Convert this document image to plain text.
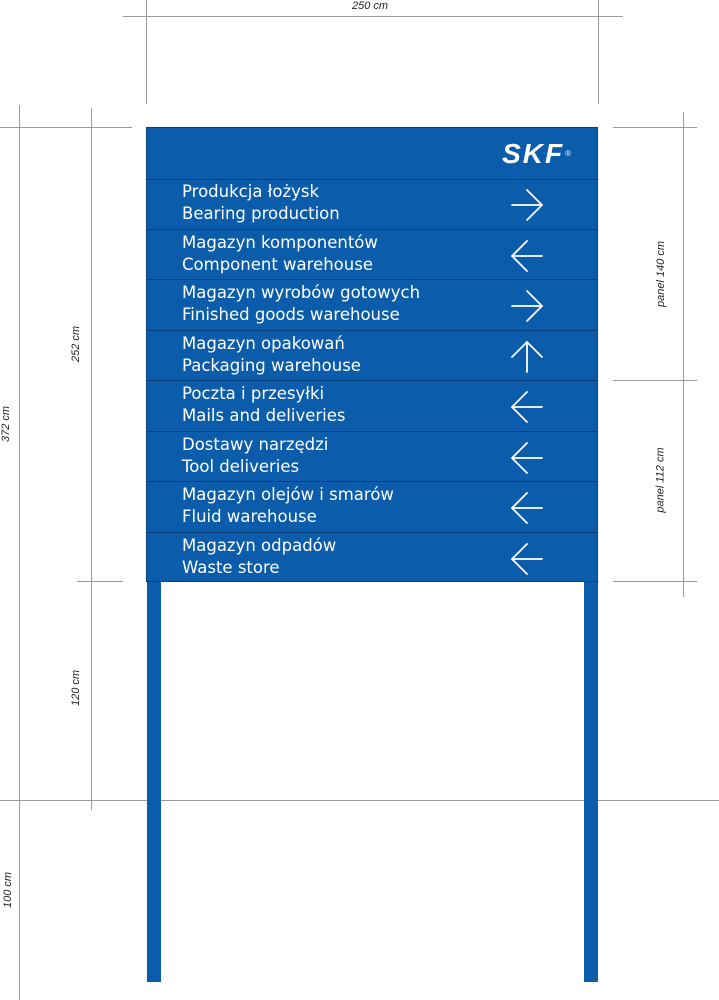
250 cm
372 cm
252 cm
120 cm
100 cm
panel 140 cm
panel 112 cm
SKF®
Produkcja łożysk
Bearing production
Magazyn komponentów
Component warehouse
Magazyn wyrobów gotowych
Finished goods warehouse
Magazyn opakowań
Packaging warehouse
Poczta i przesyłki
Mails and deliveries
Dostawy narzędzi
Tool deliveries
Magazyn olejów i smarów
Fluid warehouse
Magazyn odpadów
Waste store
